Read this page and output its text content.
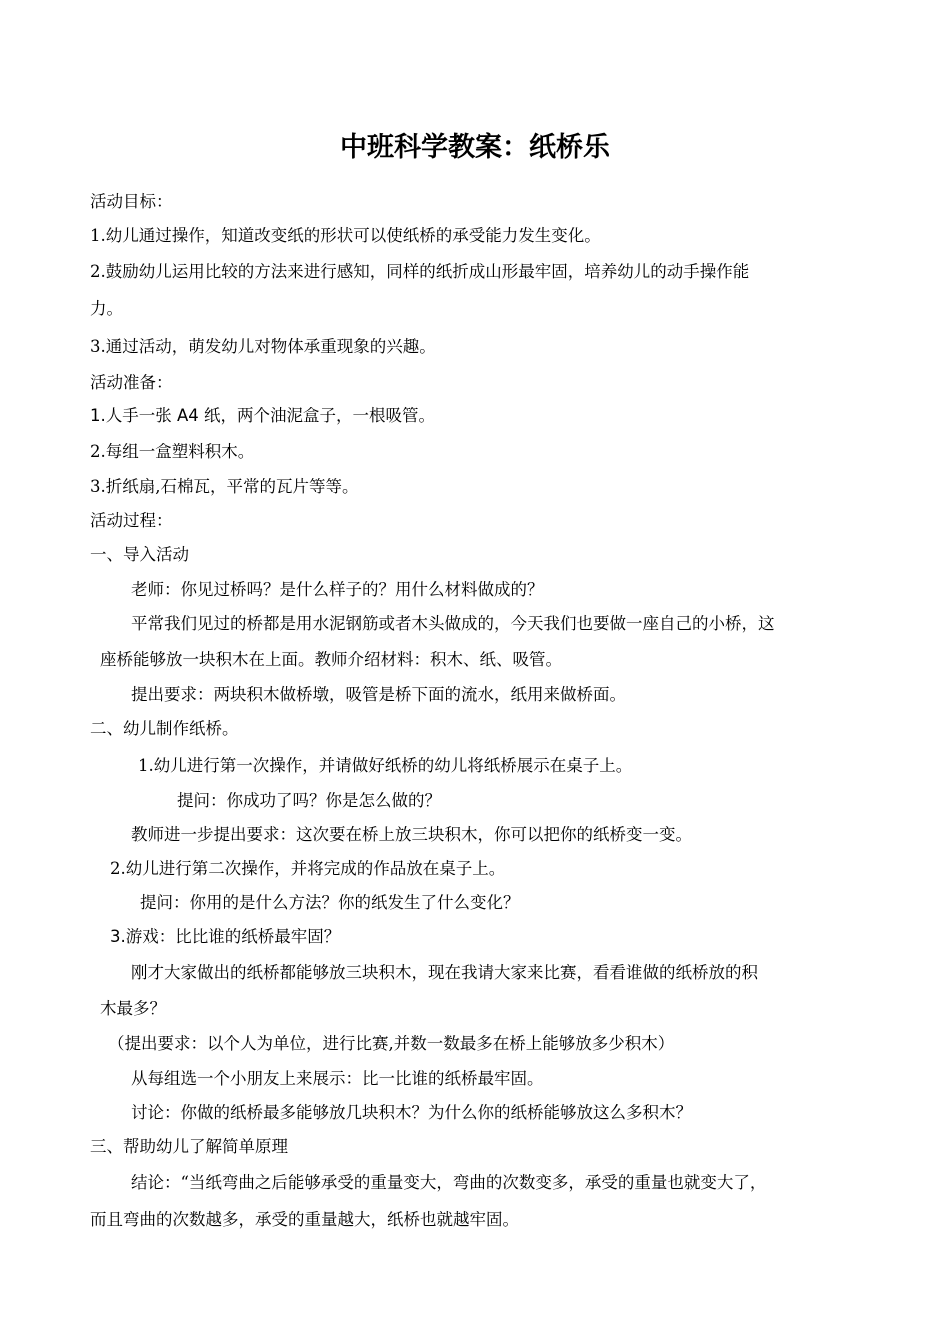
中班科学教案：纸桥乐
活动目标：
1.幼儿通过操作，知道改变纸的形状可以使纸桥的承受能力发生变化。
2.鼓励幼儿运用比较的方法来进行感知，同样的纸折成山形最牢固，培养幼儿的动手操作能
力。
3.通过活动，萌发幼儿对物体承重现象的兴趣。
活动准备：
1.人手一张 A4 纸，两个油泥盒子，一根吸管。
2.每组一盒塑料积木。
3.折纸扇,石棉瓦，平常的瓦片等等。
活动过程：
一、导入活动
老师：你见过桥吗？是什么样子的？用什么材料做成的？
平常我们见过的桥都是用水泥钢筋或者木头做成的，今天我们也要做一座自己的小桥，这
座桥能够放一块积木在上面。教师介绍材料：积木、纸、吸管。
提出要求：两块积木做桥墩，吸管是桥下面的流水，纸用来做桥面。
二、幼儿制作纸桥。
1.幼儿进行第一次操作，并请做好纸桥的幼儿将纸桥展示在桌子上。
提问：你成功了吗？你是怎么做的？
教师进一步提出要求：这次要在桥上放三块积木，你可以把你的纸桥变一变。
2.幼儿进行第二次操作，并将完成的作品放在桌子上。
提问：你用的是什么方法？你的纸发生了什么变化？
3.游戏：比比谁的纸桥最牢固？
刚才大家做出的纸桥都能够放三块积木，现在我请大家来比赛，看看谁做的纸桥放的积
木最多？
（提出要求：以个人为单位，进行比赛,并数一数最多在桥上能够放多少积木）
从每组选一个小朋友上来展示：比一比谁的纸桥最牢固。
讨论：你做的纸桥最多能够放几块积木？为什么你的纸桥能够放这么多积木？
三、帮助幼儿了解简单原理
结论：“当纸弯曲之后能够承受的重量变大，弯曲的次数变多，承受的重量也就变大了，
而且弯曲的次数越多，承受的重量越大，纸桥也就越牢固。
